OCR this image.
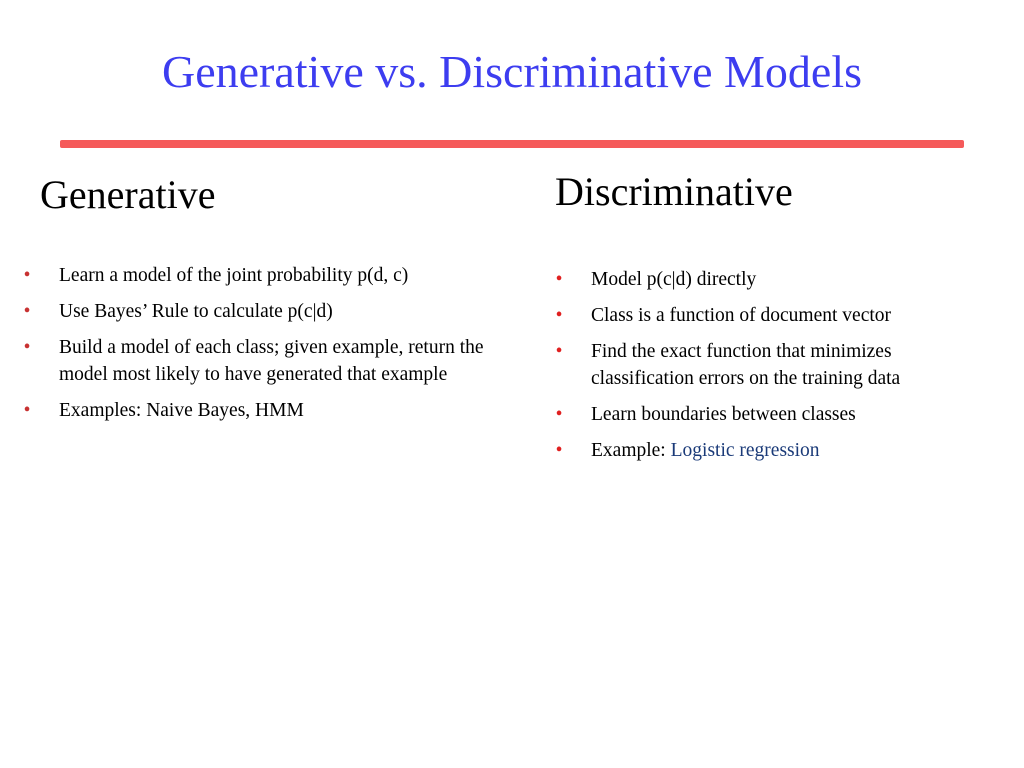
Generative vs. Discriminative Models
Generative	Discriminative
• Learn a model of the joint probability p(d, c)
• Use Bayes’ Rule to calculate p(c|d)
• Build a model of each class; given example, return the model most likely to have generated that example
• Examples: Naive Bayes, HMM
• Model p(c|d) directly
• Class is a function of document vector
• Find the exact function that minimizes classification errors on the training data
• Learn boundaries between classes
• Example: Logistic regression
